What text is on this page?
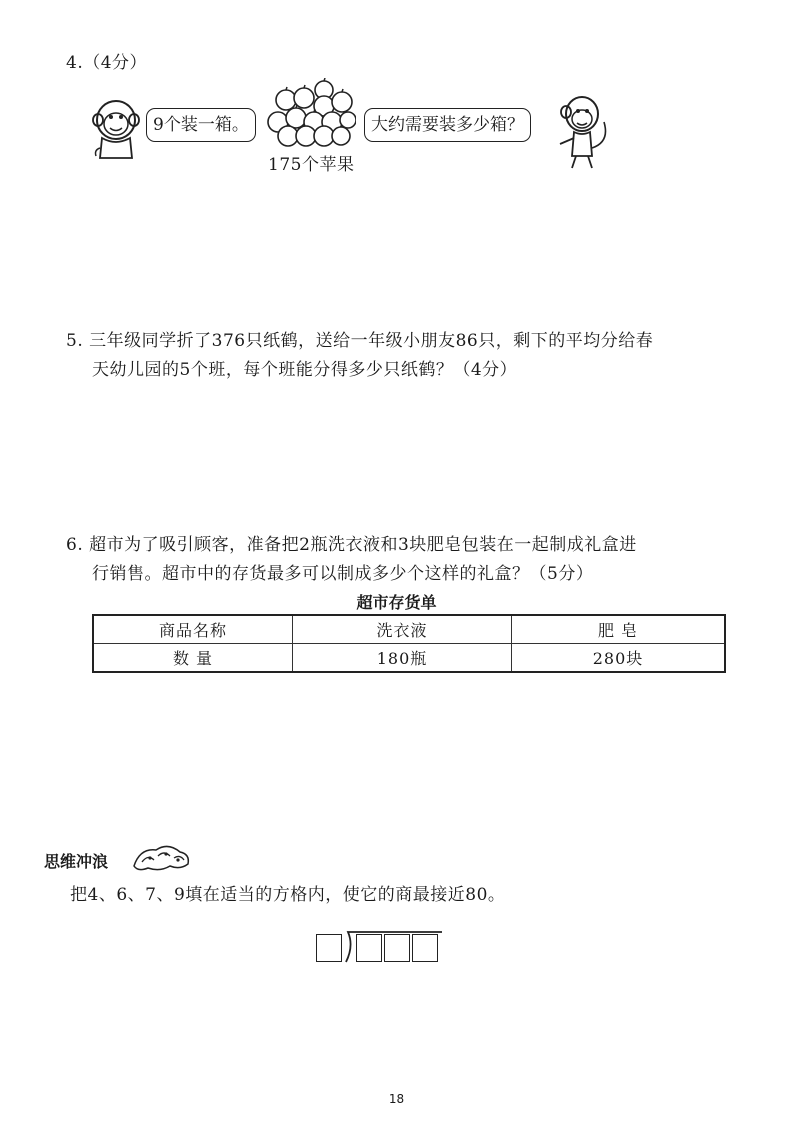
4.（4分）
9个装一箱。
175个苹果
大约需要装多少箱？
5. 三年级同学折了376只纸鹤，送给一年级小朋友86只，剩下的平均分给春
天幼儿园的5个班，每个班能分得多少只纸鹤？（4分）
6. 超市为了吸引顾客，准备把2瓶洗衣液和3块肥皂包装在一起制成礼盒进
行销售。超市中的存货最多可以制成多少个这样的礼盒？（5分）
超市存货单
商品名称	洗衣液	肥 皂
数 量	180瓶	280块
思维冲浪
把4、6、7、9填在适当的方格内，使它的商最接近80。
18
